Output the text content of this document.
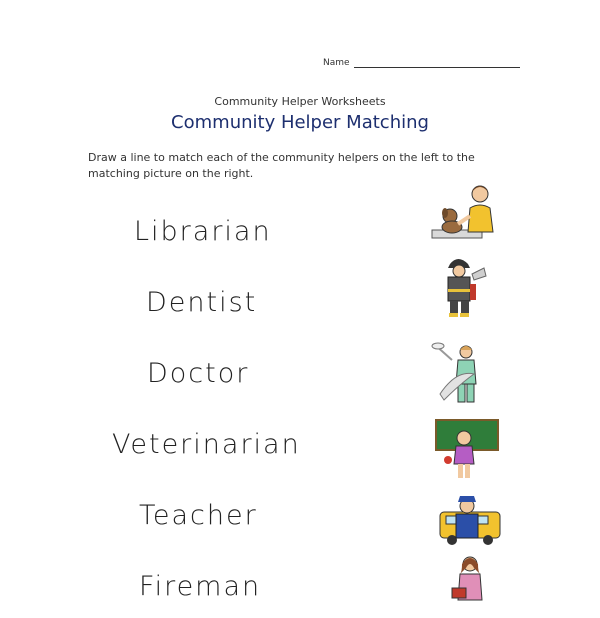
Name
Community Helper Worksheets
Community Helper Matching
Draw a line to match each of the community helpers on the left to the matching picture on the right.
Librarian
Dentist
Doctor
Veterinarian
Teacher
Fireman
